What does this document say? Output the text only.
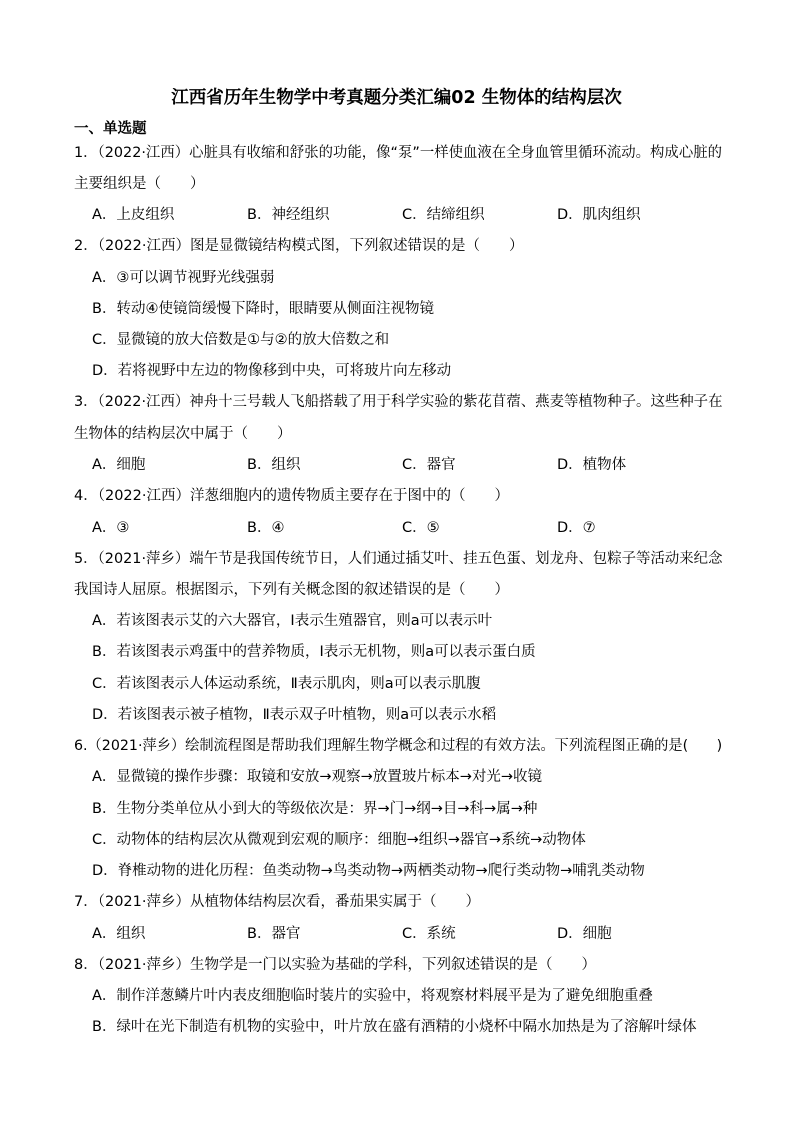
江西省历年生物学中考真题分类汇编02 生物体的结构层次
一、单选题
1．（2022·江西）心脏具有收缩和舒张的功能，像“泵”一样使血液在全身血管里循环流动。构成心脏的
主要组织是（　　）
A．上皮组织	B．神经组织	C．结缔组织	D．肌肉组织
2．（2022·江西）图是显微镜结构模式图，下列叙述错误的是（　　）
A．③可以调节视野光线强弱
B．转动④使镜筒缓慢下降时，眼睛要从侧面注视物镜
C．显微镜的放大倍数是①与②的放大倍数之和
D．若将视野中左边的物像移到中央，可将玻片向左移动
3．（2022·江西）神舟十三号载人飞船搭载了用于科学实验的紫花苜蓿、燕麦等植物种子。这些种子在
生物体的结构层次中属于（　　）
A．细胞	B．组织	C．器官	D．植物体
4．（2022·江西）洋葱细胞内的遗传物质主要存在于图中的（　　）
A．③	B．④	C．⑤	D．⑦
5．（2021·萍乡）端午节是我国传统节日，人们通过插艾叶、挂五色蛋、划龙舟、包粽子等活动来纪念
我国诗人屈原。根据图示，下列有关概念图的叙述错误的是（　　）
A．若该图表示艾的六大器官，Ⅰ表示生殖器官，则a可以表示叶
B．若该图表示鸡蛋中的营养物质，Ⅰ表示无机物，则a可以表示蛋白质
C．若该图表示人体运动系统，Ⅱ表示肌肉，则a可以表示肌腹
D．若该图表示被子植物，Ⅱ表示双子叶植物，则a可以表示水稻
6.（2021·萍乡）绘制流程图是帮助我们理解生物学概念和过程的有效方法。下列流程图正确的是(　　)
A．显微镜的操作步骤：取镜和安放→观察→放置玻片标本→对光→收镜
B．生物分类单位从小到大的等级依次是：界→门→纲→目→科→属→种
C．动物体的结构层次从微观到宏观的顺序：细胞→组织→器官→系统→动物体
D．脊椎动物的进化历程：鱼类动物→鸟类动物→两栖类动物→爬行类动物→哺乳类动物
7．（2021·萍乡）从植物体结构层次看，番茄果实属于（　　）
A．组织	B．器官	C．系统	D．细胞
8．（2021·萍乡）生物学是一门以实验为基础的学科，下列叙述错误的是（　　）
A．制作洋葱鳞片叶内表皮细胞临时装片的实验中，将观察材料展平是为了避免细胞重叠
B．绿叶在光下制造有机物的实验中，叶片放在盛有酒精的小烧杯中隔水加热是为了溶解叶绿体
